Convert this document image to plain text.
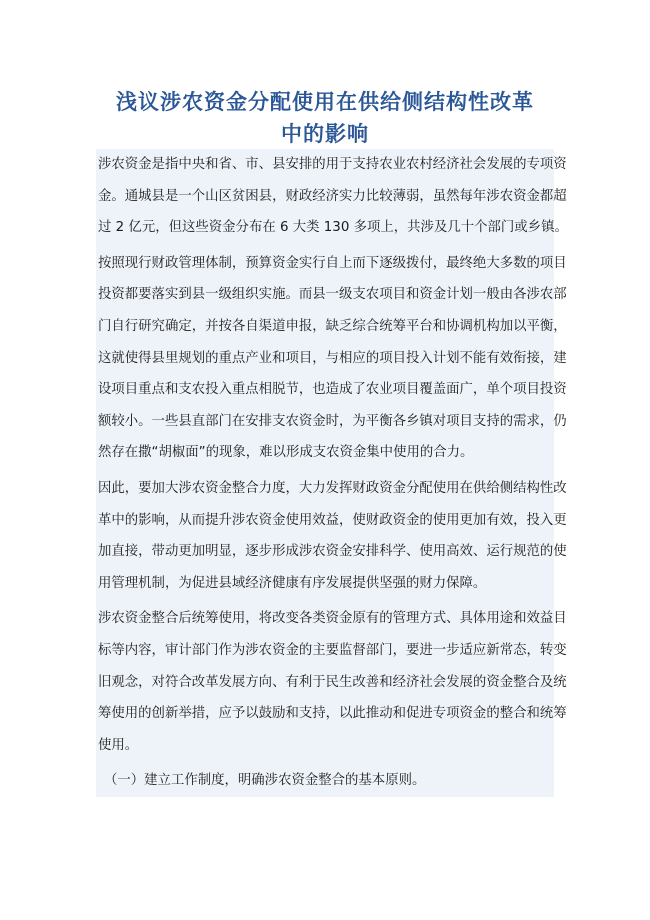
浅议涉农资金分配使用在供给侧结构性改革
中的影响
涉农资金是指中央和省、市、县安排的用于支持农业农村经济社会发展的专项资
金。通城县是一个山区贫困县，财政经济实力比较薄弱，虽然每年涉农资金都超
过 2 亿元，但这些资金分布在 6 大类 130 多项上，共涉及几十个部门或乡镇。
按照现行财政管理体制，预算资金实行自上而下逐级拨付，最终绝大多数的项目
投资都要落实到县一级组织实施。而县一级支农项目和资金计划一般由各涉农部
门自行研究确定，并按各自渠道申报，缺乏综合统筹平台和协调机构加以平衡，
这就使得县里规划的重点产业和项目，与相应的项目投入计划不能有效衔接，建
设项目重点和支农投入重点相脱节，也造成了农业项目覆盖面广，单个项目投资
额较小。一些县直部门在安排支农资金时，为平衡各乡镇对项目支持的需求，仍
然存在撒“胡椒面”的现象，难以形成支农资金集中使用的合力。
因此，要加大涉农资金整合力度，大力发挥财政资金分配使用在供给侧结构性改
革中的影响，从而提升涉农资金使用效益，使财政资金的使用更加有效，投入更
加直接，带动更加明显，逐步形成涉农资金安排科学、使用高效、运行规范的使
用管理机制，为促进县域经济健康有序发展提供坚强的财力保障。
涉农资金整合后统筹使用，将改变各类资金原有的管理方式、具体用途和效益目
标等内容，审计部门作为涉农资金的主要监督部门，要进一步适应新常态，转变
旧观念，对符合改革发展方向、有利于民生改善和经济社会发展的资金整合及统
筹使用的创新举措，应予以鼓励和支持，以此推动和促进专项资金的整合和统筹
使用。
（一）建立工作制度，明确涉农资金整合的基本原则。
